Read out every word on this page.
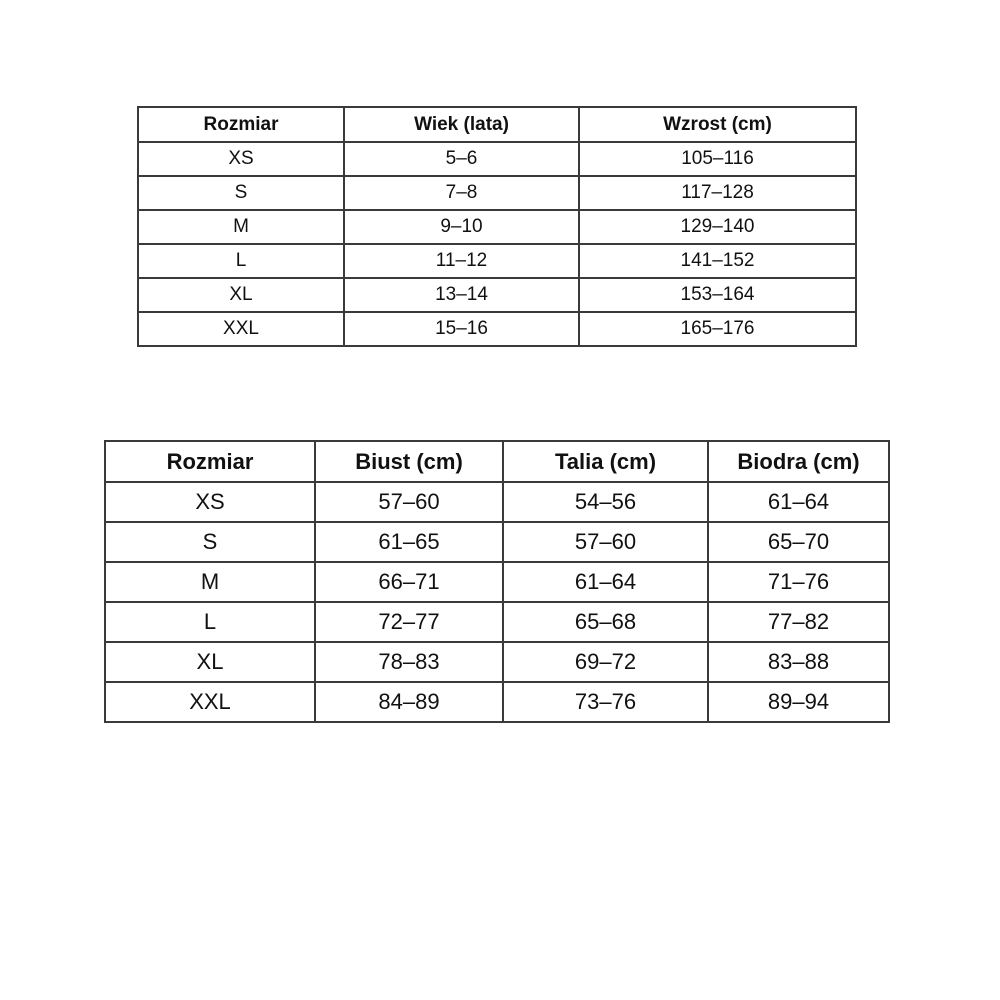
Rozmiar	Wiek (lata)	Wzrost (cm)
XS	5–6	105–116
S	7–8	117–128
M	9–10	129–140
L	11–12	141–152
XL	13–14	153–164
XXL	15–16	165–176
Rozmiar	Biust (cm)	Talia (cm)	Biodra (cm)
XS	57–60	54–56	61–64
S	61–65	57–60	65–70
M	66–71	61–64	71–76
L	72–77	65–68	77–82
XL	78–83	69–72	83–88
XXL	84–89	73–76	89–94
